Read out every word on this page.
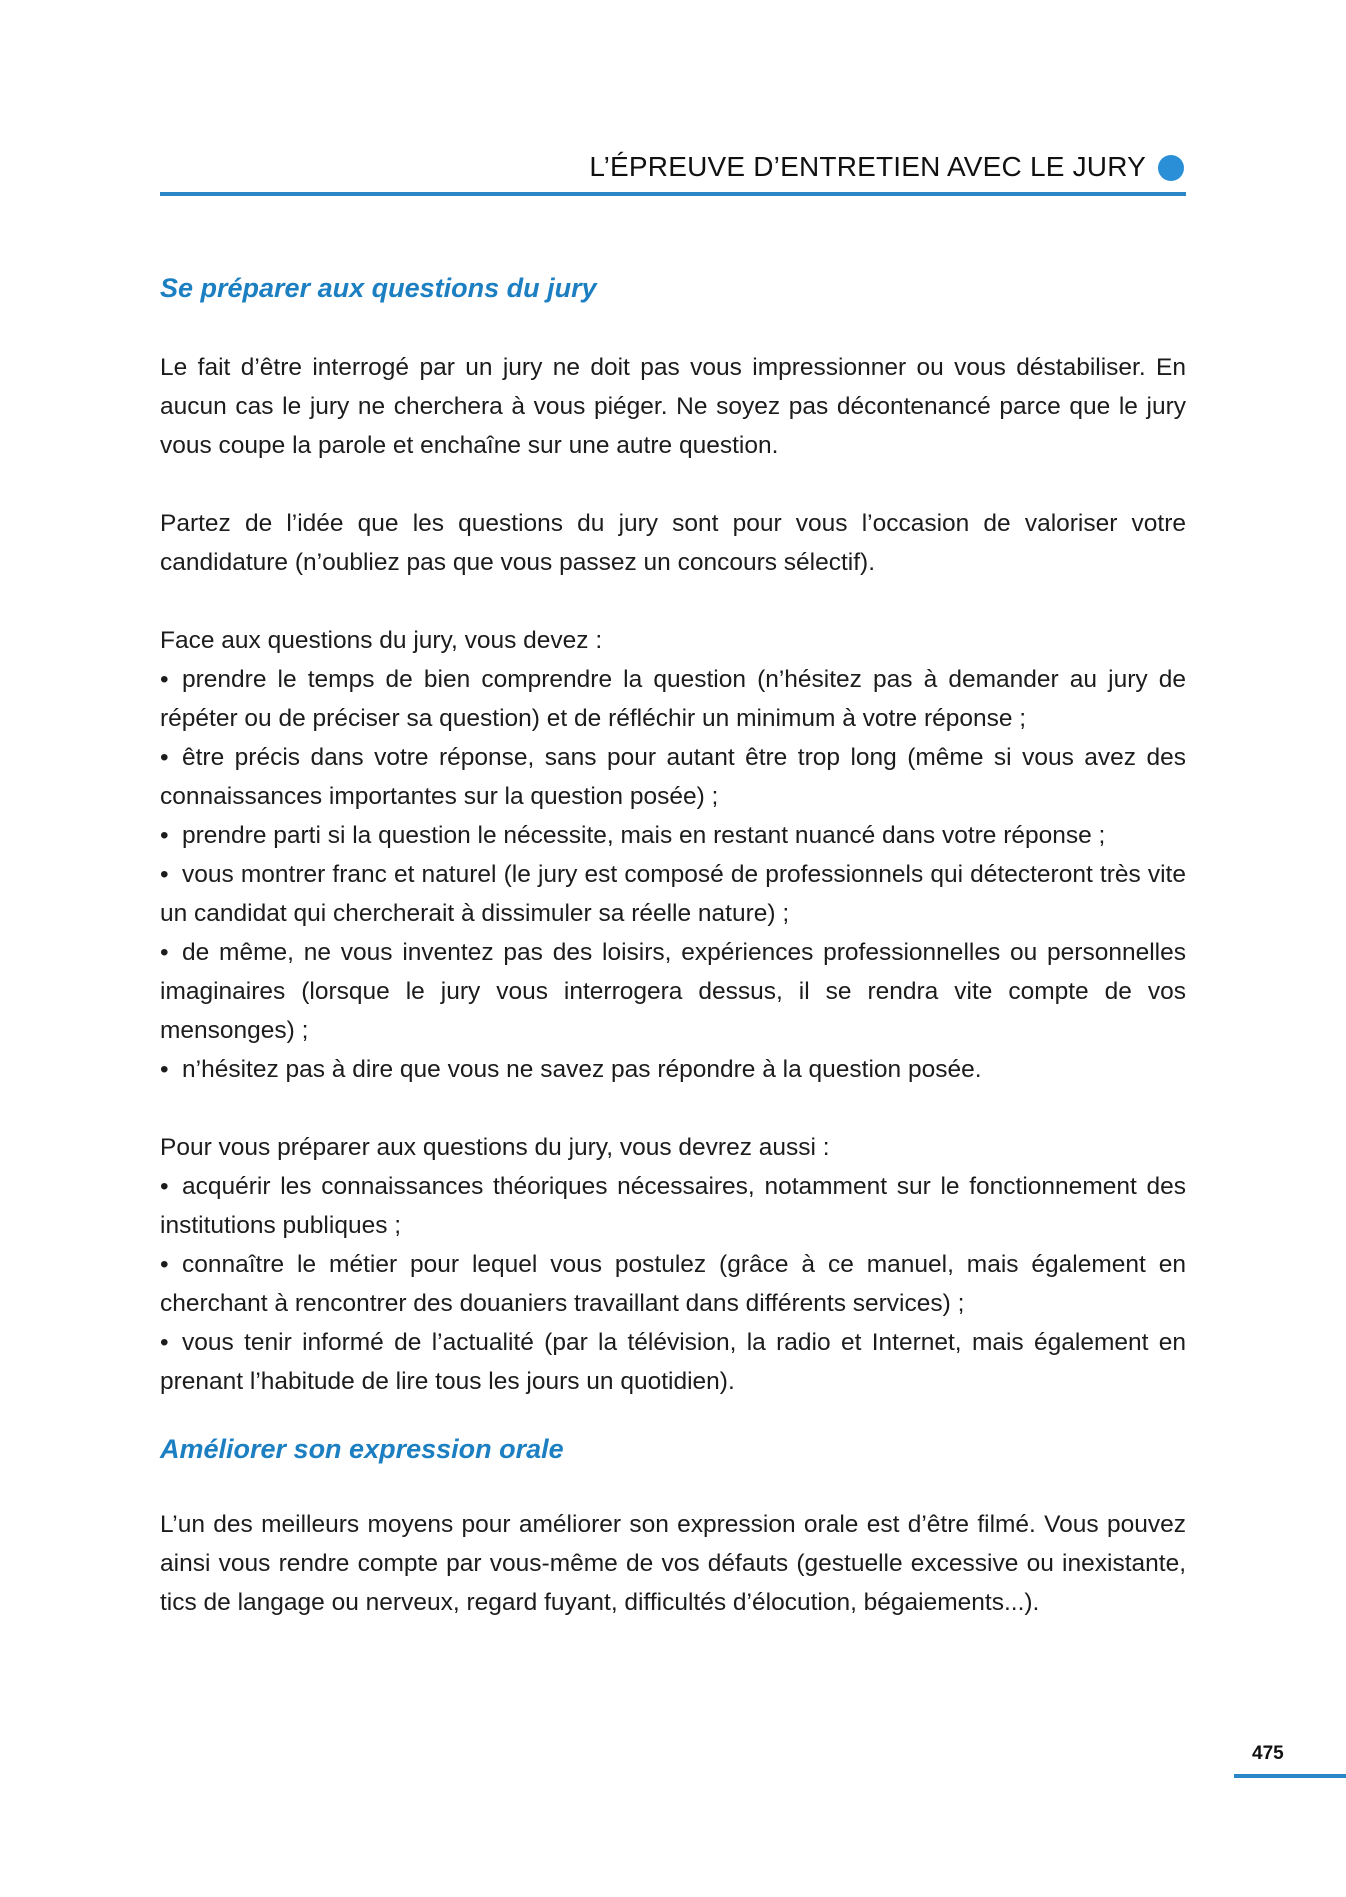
L’ÉPREUVE D’ENTRETIEN AVEC LE JURY
Se préparer aux questions du jury

Le fait d’être interrogé par un jury ne doit pas vous impressionner ou vous déstabiliser. En aucun cas le jury ne cherchera à vous piéger. Ne soyez pas décontenancé parce que le jury vous coupe la parole et enchaîne sur une autre question.

Partez de l’idée que les questions du jury sont pour vous l’occasion de valoriser votre candidature (n’oubliez pas que vous passez un concours sélectif).

Face aux questions du jury, vous devez :

• prendre le temps de bien comprendre la question (n’hésitez pas à demander au jury de répéter ou de préciser sa question) et de réfléchir un minimum à votre réponse ;
• être précis dans votre réponse, sans pour autant être trop long (même si vous avez des connaissances importantes sur la question posée) ;
• prendre parti si la question le nécessite, mais en restant nuancé dans votre réponse ;
• vous montrer franc et naturel (le jury est composé de professionnels qui détecteront très vite un candidat qui chercherait à dissimuler sa réelle nature) ;
• de même, ne vous inventez pas des loisirs, expériences professionnelles ou personnelles imaginaires (lorsque le jury vous interrogera dessus, il se rendra vite compte de vos mensonges) ;
• n’hésitez pas à dire que vous ne savez pas répondre à la question posée.

Pour vous préparer aux questions du jury, vous devrez aussi :

• acquérir les connaissances théoriques nécessaires, notamment sur le fonctionnement des institutions publiques ;
• connaître le métier pour lequel vous postulez (grâce à ce manuel, mais également en cherchant à rencontrer des douaniers travaillant dans différents services) ;
• vous tenir informé de l’actualité (par la télévision, la radio et Internet, mais également en prenant l’habitude de lire tous les jours un quotidien).
Améliorer son expression orale

L’un des meilleurs moyens pour améliorer son expression orale est d’être filmé. Vous pouvez ainsi vous rendre compte par vous-même de vos défauts (gestuelle excessive ou inexistante, tics de langage ou nerveux, regard fuyant, difficultés d’élocution, bégaiements...).

475
